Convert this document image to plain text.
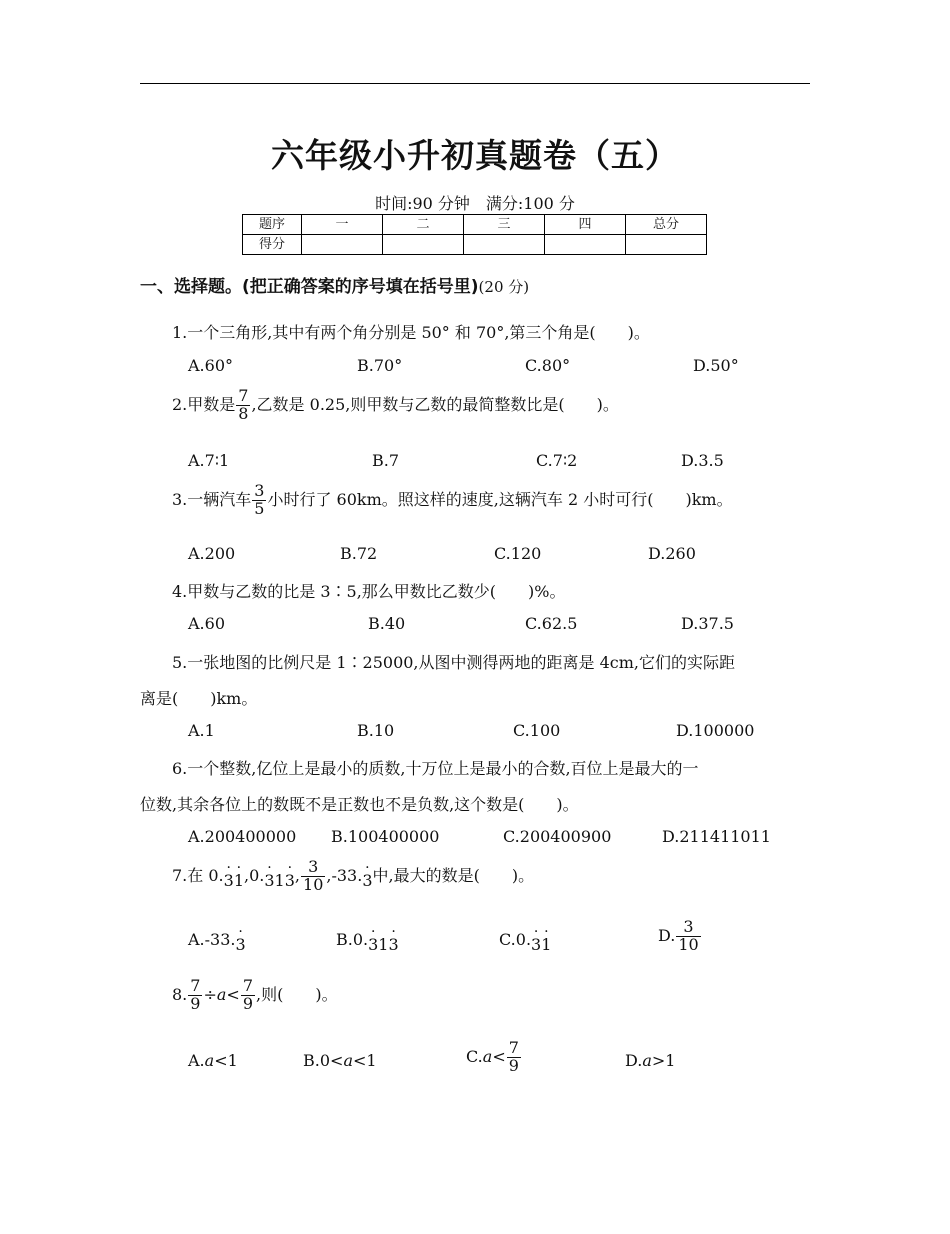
六年级小升初真题卷（五）
时间:90 分钟　满分:100 分
题序	一	二	三	四	总分
得分					
一、选择题。(把正确答案的序号填在括号里)(20 分)
1.一个三角形,其中有两个角分别是 50° 和 70°,第三个角是(　　)。
A.60°	B.70°	C.80°	D.50°
2.甲数是 $\frac{7}{8}$ ,乙数是 0.25,则甲数与乙数的最简整数比是(　　)。
A.7∶1	B.7	C.7∶2	D.3.5
3.一辆汽车 $\frac{3}{5}$ 小时行了 60km。照这样的速度,这辆汽车 2 小时可行(　　)km。
A.200	B.72	C.120	D.260
4.甲数与乙数的比是 3∶5,那么甲数比乙数少(　　)%。
A.60	B.40	C.62.5	D.37.5
5.一张地图的比例尺是 1∶25000,从图中测得两地的距离是 4cm,它们的实际距
离是(　　)km。
A.1	B.10	C.100	D.100000
6.一个整数,亿位上是最小的质数,十万位上是最小的合数,百位上是最大的一
位数,其余各位上的数既不是正数也不是负数,这个数是(　　)。
A.200400000 B.100400000	C.200400900	D.211411011
7.在 0.· 3· 1,0.· 31· 3, $\frac{3}{10} ,-33.\cdot 3$中,最大的数是(　　)。
A.-33.· 3	B.0.· 31· 3	C.0.· 3· 1	D. $\frac{3}{10}$
8. $\frac{7}{9} \div a< \frac{7}{9}$ ,则(　　)。
A.a<1	B.0<a<1	$C.a< \frac{7}{9}$	D.a>1
